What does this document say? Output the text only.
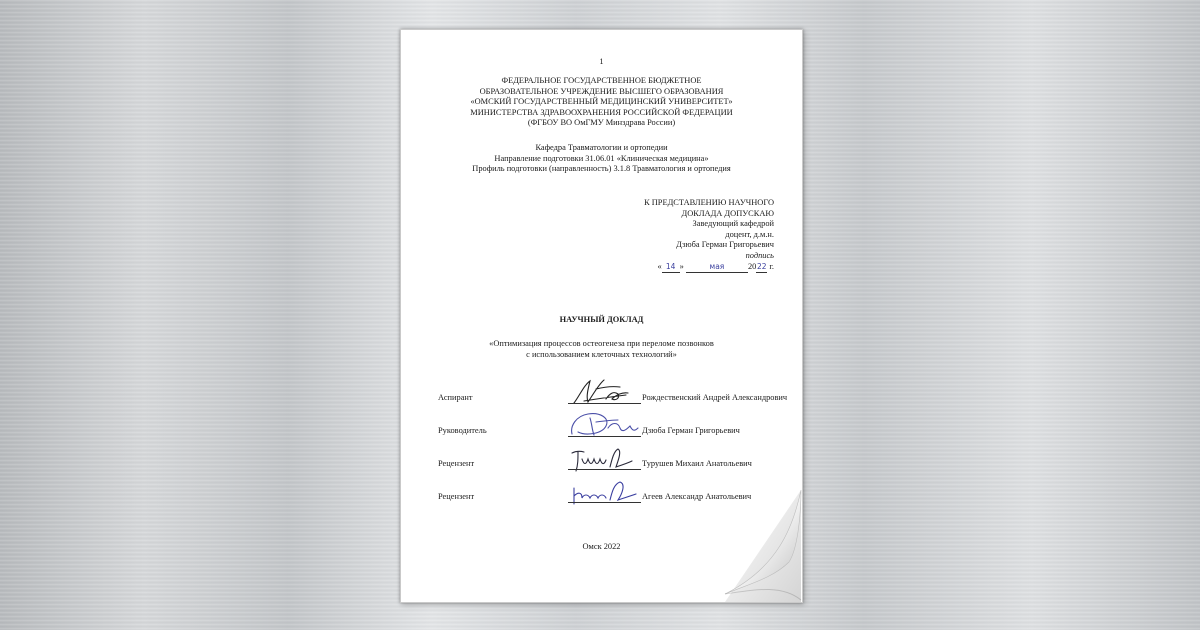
1
ФЕДЕРАЛЬНОЕ ГОСУДАРСТВЕННОЕ БЮДЖЕТНОЕ
ОБРАЗОВАТЕЛЬНОЕ УЧРЕЖДЕНИЕ ВЫСШЕГО ОБРАЗОВАНИЯ
«ОМСКИЙ ГОСУДАРСТВЕННЫЙ МЕДИЦИНСКИЙ УНИВЕРСИТЕТ»
МИНИСТЕРСТВА ЗДРАВООХРАНЕНИЯ РОССИЙСКОЙ ФЕДЕРАЦИИ
(ФГБОУ ВО ОмГМУ Минздрава России)
Кафедра Травматологии и ортопедии
Направление подготовки 31.06.01 «Клиническая медицина»
Профиль подготовки (направленность) 3.1.8 Травматология и ортопедия
К ПРЕДСТАВЛЕНИЮ НАУЧНОГО
ДОКЛАДА ДОПУСКАЮ
Заведующий кафедрой
доцент, д.м.н.
Дзюба Герман Григорьевич
подпись
« 14 »	мая	2022 г.
НАУЧНЫЙ ДОКЛАД
«Оптимизация процессов остеогенеза при переломе позвонков
с использованием клеточных технологий»
Аспирант	Рождественский Андрей Александрович
Руководитель	Дзюба Герман Григорьевич
Рецензент	Турушев Михаил Анатольевич
Рецензент	Агеев Александр Анатольевич
Омск 2022
